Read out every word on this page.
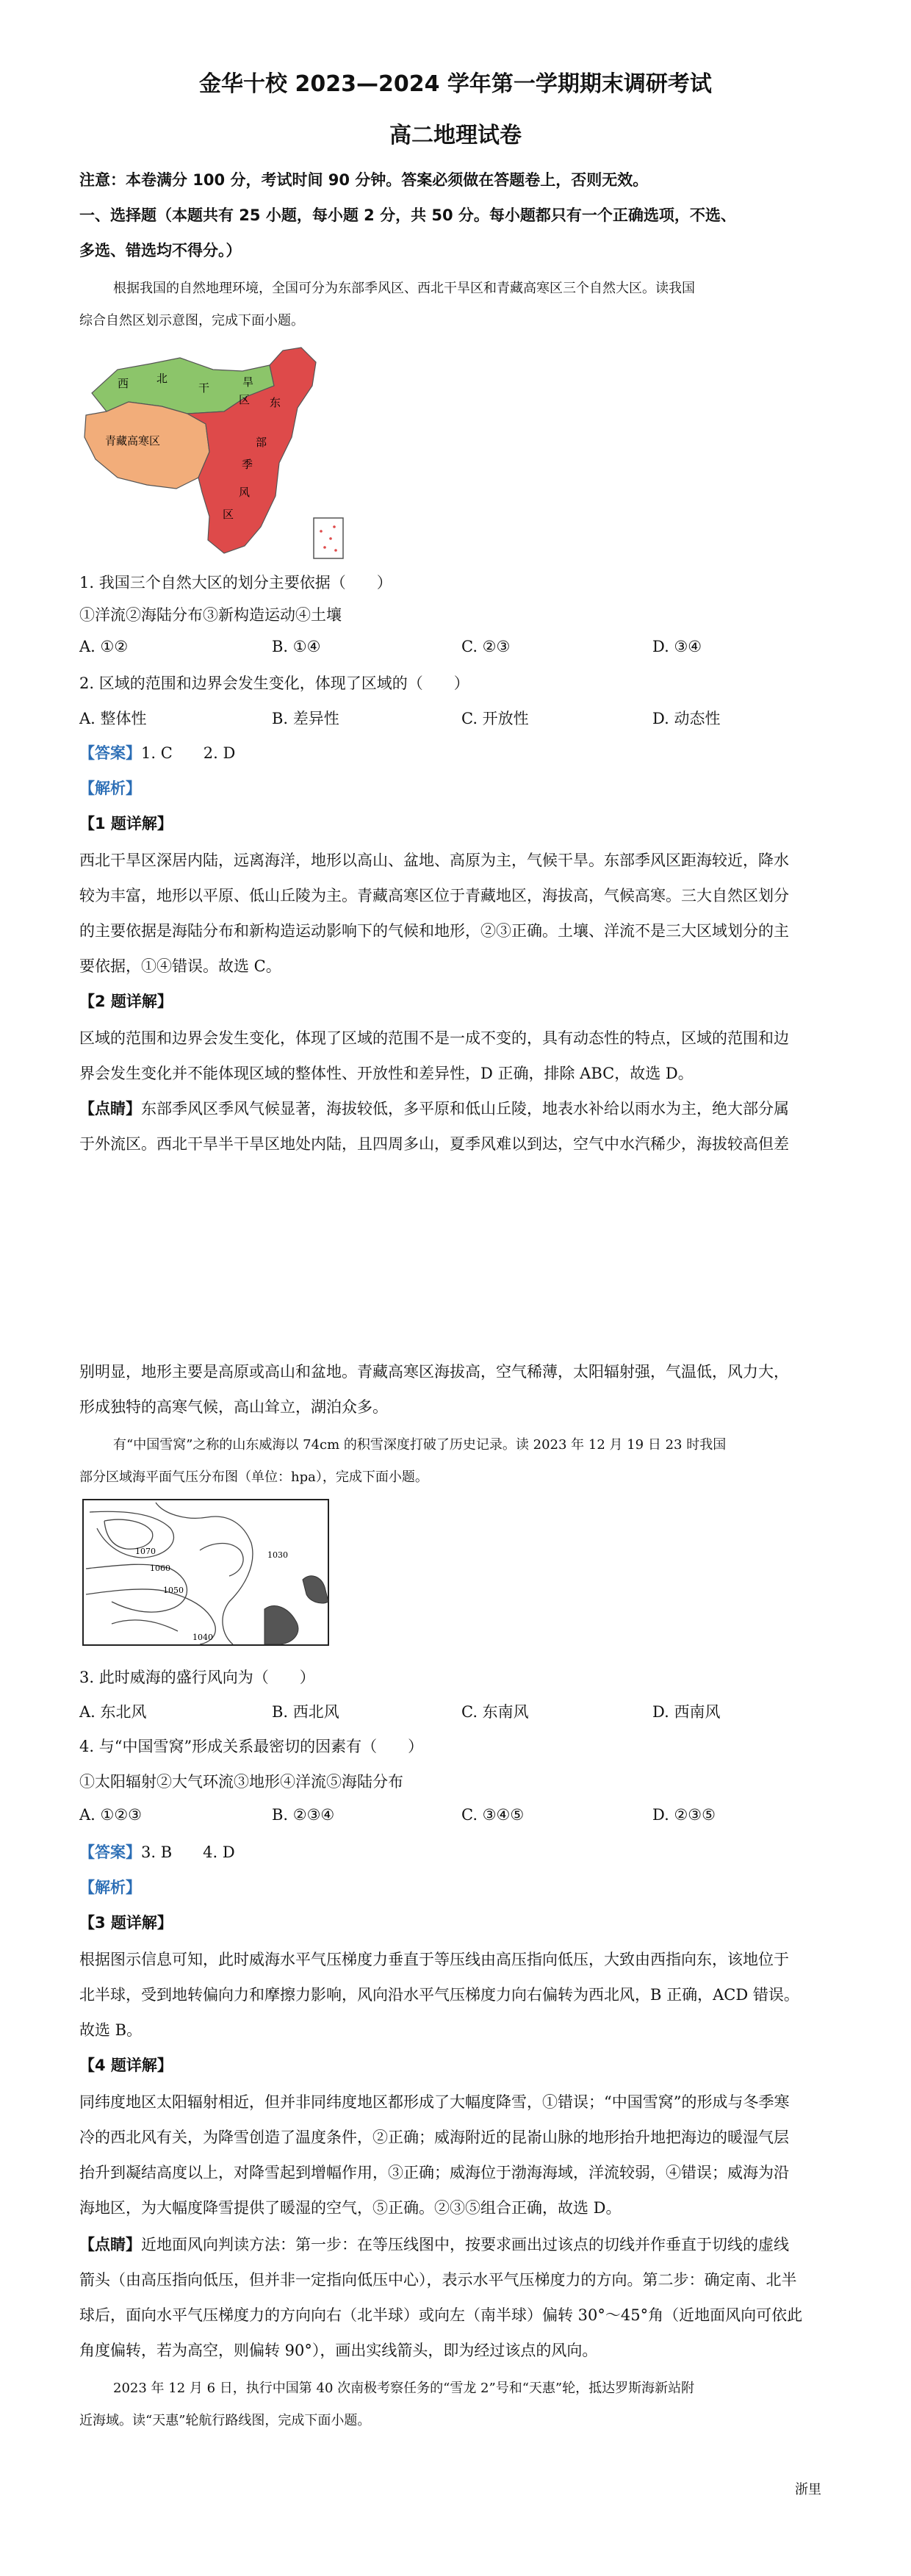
金华十校 2023—2024 学年第一学期期末调研考试
高二地理试卷
注意：本卷满分 100 分，考试时间 90 分钟。答案必须做在答题卷上，否则无效。
一、选择题（本题共有 25 小题，每小题 2 分，共 50 分。每小题都只有一个正确选项，不选、
多选、错选均不得分。）
根据我国的自然地理环境，全国可分为东部季风区、西北干旱区和青藏高寒区三个自然大区。读我国
综合自然区划示意图，完成下面小题。
西	北
干	旱
区
青藏高寒区
东
部
季
风
区
1. 我国三个自然大区的划分主要依据（　　）
①洋流②海陆分布③新构造运动④土壤
A. ①②	B. ①④	C. ②③	D. ③④
2. 区域的范围和边界会发生变化，体现了区域的（　　）
A. 整体性	B. 差异性	C. 开放性	D. 动态性
【答案】1. C　　2. D
【解析】
【1 题详解】
西北干旱区深居内陆，远离海洋，地形以高山、盆地、高原为主，气候干旱。东部季风区距海较近，降水
较为丰富，地形以平原、低山丘陵为主。青藏高寒区位于青藏地区，海拔高，气候高寒。三大自然区划分
的主要依据是海陆分布和新构造运动影响下的气候和地形，②③正确。土壤、洋流不是三大区域划分的主
要依据，①④错误。故选 C。
【2 题详解】
区域的范围和边界会发生变化，体现了区域的范围不是一成不变的，具有动态性的特点，区域的范围和边
界会发生变化并不能体现区域的整体性、开放性和差异性，D 正确，排除 ABC，故选 D。
【点睛】东部季风区季风气候显著，海拔较低，多平原和低山丘陵，地表水补给以雨水为主，绝大部分属
于外流区。西北干旱半干旱区地处内陆，且四周多山，夏季风难以到达，空气中水汽稀少，海拔较高但差
别明显，地形主要是高原或高山和盆地。青藏高寒区海拔高，空气稀薄，太阳辐射强，气温低，风力大，
形成独特的高寒气候，高山耸立，湖泊众多。
有“中国雪窝”之称的山东威海以 74cm 的积雪深度打破了历史记录。读 2023 年 12 月 19 日 23 时我国
部分区域海平面气压分布图（单位：hpa），完成下面小题。
1070
1060
1050
1040
1030
3. 此时威海的盛行风向为（　　）
A. 东北风	B. 西北风	C. 东南风	D. 西南风
4. 与“中国雪窝”形成关系最密切的因素有（　　）
①太阳辐射②大气环流③地形④洋流⑤海陆分布
A. ①②③	B. ②③④	C. ③④⑤	D. ②③⑤
【答案】3. B　　4. D
【解析】
【3 题详解】
根据图示信息可知，此时威海水平气压梯度力垂直于等压线由高压指向低压，大致由西指向东，该地位于
北半球，受到地转偏向力和摩擦力影响，风向沿水平气压梯度力向右偏转为西北风，B 正确，ACD 错误。
故选 B。
【4 题详解】
同纬度地区太阳辐射相近，但并非同纬度地区都形成了大幅度降雪，①错误；“中国雪窝”的形成与冬季寒
冷的西北风有关，为降雪创造了温度条件，②正确；威海附近的昆嵛山脉的地形抬升地把海边的暖湿气层
抬升到凝结高度以上，对降雪起到增幅作用，③正确；威海位于渤海海域，洋流较弱，④错误；威海为沿
海地区，为大幅度降雪提供了暖湿的空气，⑤正确。②③⑤组合正确，故选 D。
【点睛】近地面风向判读方法：第一步：在等压线图中，按要求画出过该点的切线并作垂直于切线的虚线
箭头（由高压指向低压，但并非一定指向低压中心），表示水平气压梯度力的方向。第二步：确定南、北半
球后，面向水平气压梯度力的方向向右（北半球）或向左（南半球）偏转 30°～45°角（近地面风向可依此
角度偏转，若为高空，则偏转 90°），画出实线箭头，即为经过该点的风向。
2023 年 12 月 6 日，执行中国第 40 次南极考察任务的“雪龙 2”号和“天惠”轮，抵达罗斯海新站附
近海域。读“天惠”轮航行路线图，完成下面小题。
浙里
